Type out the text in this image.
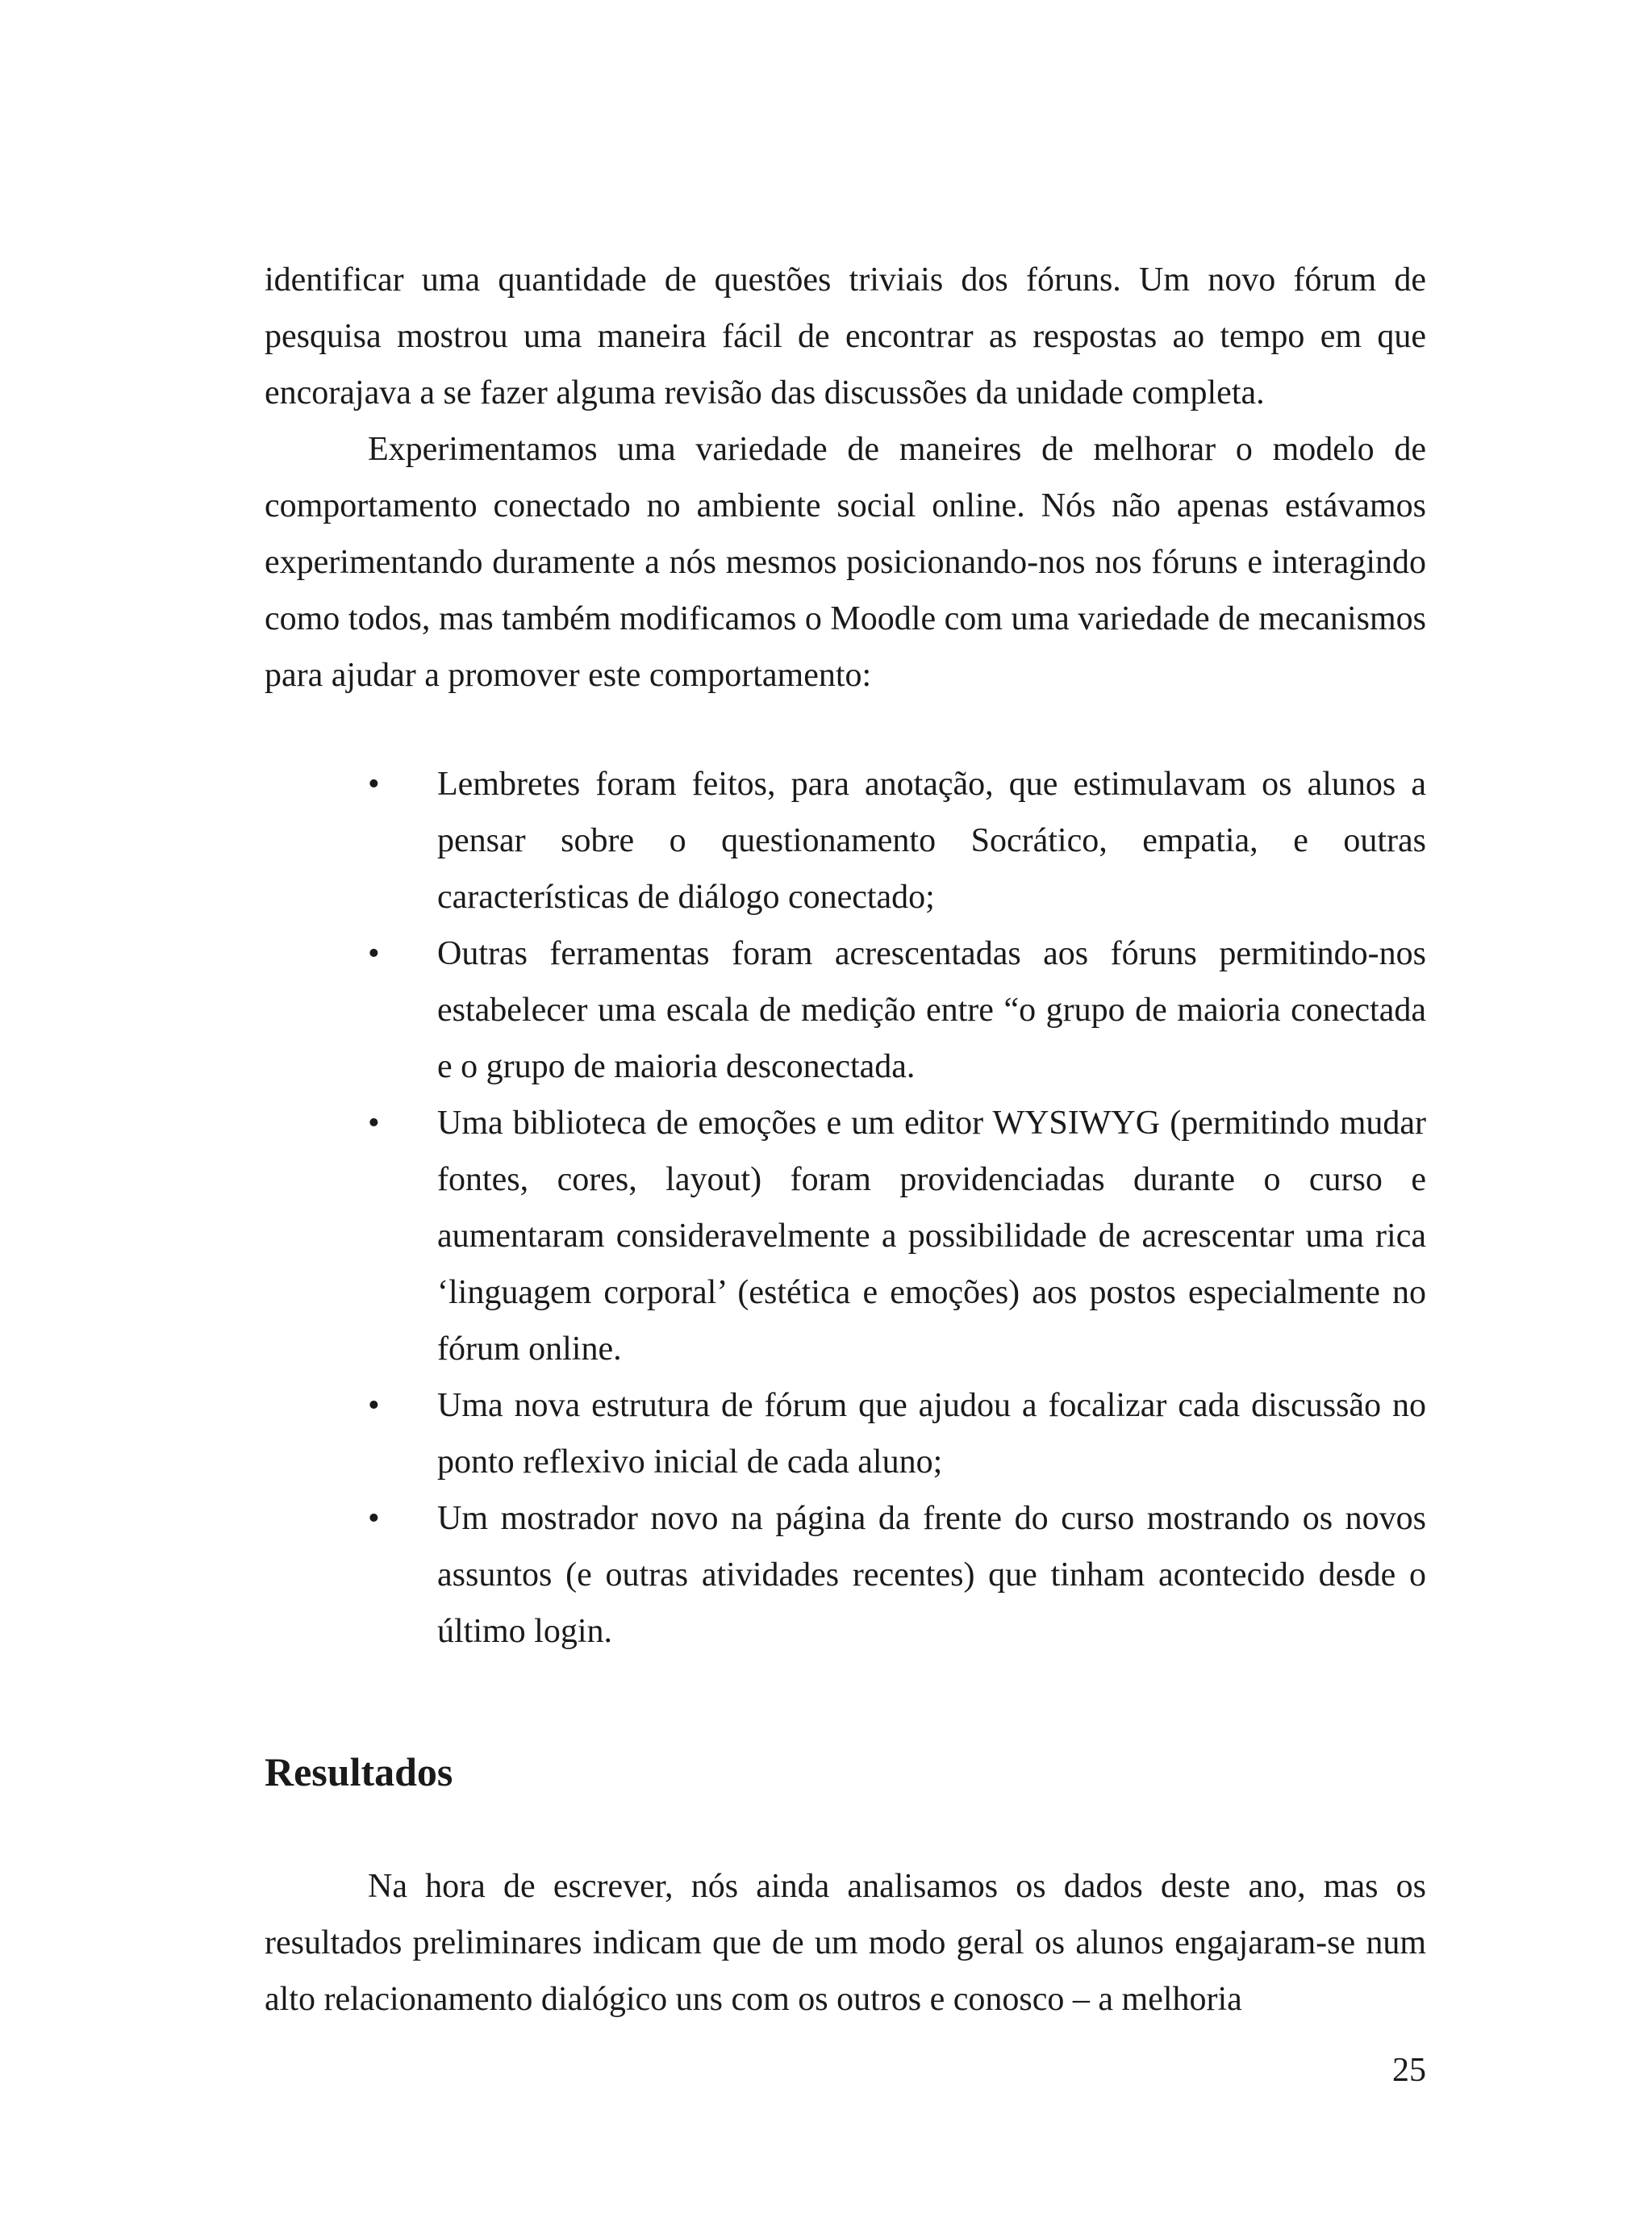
identificar uma quantidade de questões triviais dos fóruns. Um novo fórum de pesquisa mostrou uma maneira fácil de encontrar as respostas ao tempo em que encorajava a se fazer alguma revisão das discussões da unidade completa.

Experimentamos uma variedade de maneires de melhorar o modelo de comportamento conectado no ambiente social online. Nós não apenas estávamos experimentando duramente a nós mesmos posicionando-nos nos fóruns e interagindo como todos, mas também modificamos o Moodle com uma variedade de mecanismos para ajudar a promover este comportamento:

• Lembretes foram feitos, para anotação, que estimulavam os alunos a pensar sobre o questionamento Socrático, empatia, e outras características de diálogo conectado;
• Outras ferramentas foram acrescentadas aos fóruns permitindo-nos estabelecer uma escala de medição entre “o grupo de maioria conectada e o grupo de maioria desconectada.
• Uma biblioteca de emoções e um editor WYSIWYG (permitindo mudar fontes, cores, layout) foram providenciadas durante o curso e aumentaram consideravelmente a possibilidade de acrescentar uma rica ‘linguagem corporal’ (estética e emoções) aos postos especialmente no fórum online.
• Uma nova estrutura de fórum que ajudou a focalizar cada discussão no ponto reflexivo inicial de cada aluno;
• Um mostrador novo na página da frente do curso mostrando os novos assuntos (e outras atividades recentes) que tinham acontecido desde o último login.
Resultados

Na hora de escrever, nós ainda analisamos os dados deste ano, mas os resultados preliminares indicam que de um modo geral os alunos engajaram-se num alto relacionamento dialógico uns com os outros e conosco – a melhoria

25
